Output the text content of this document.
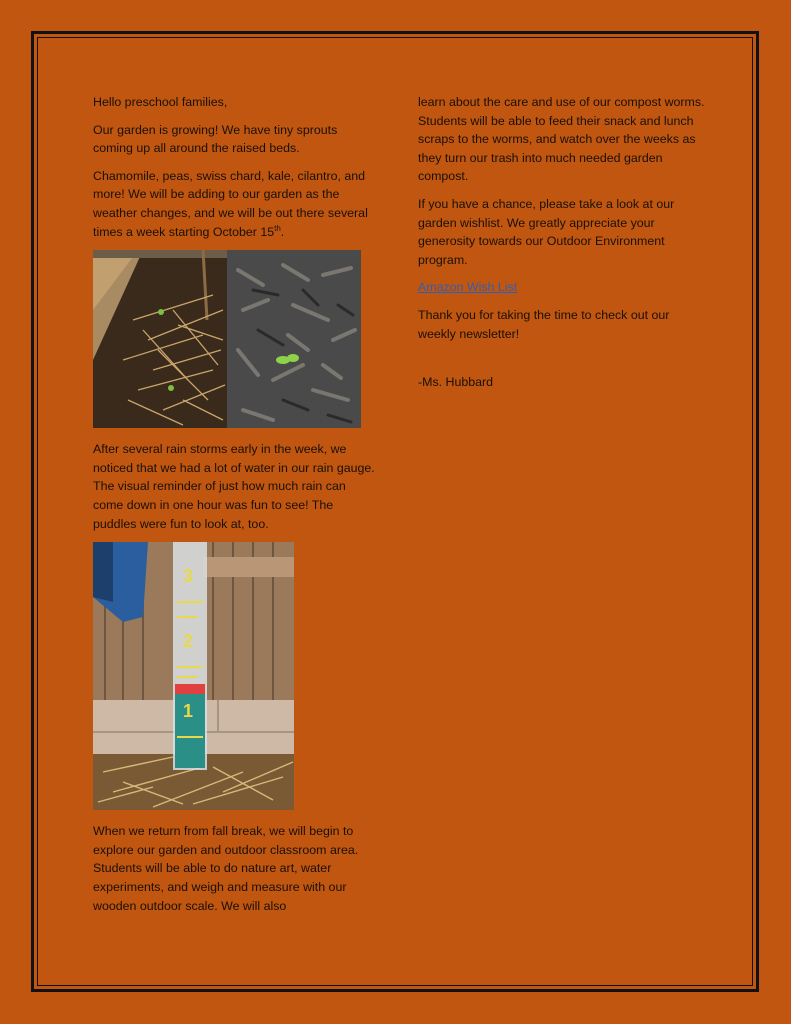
Hello preschool families,

Our garden is growing! We have tiny sprouts coming up all around the raised beds.

Chamomile, peas, swiss chard, kale, cilantro, and more! We will be adding to our garden as the weather changes, and we will be out there several times a week starting October 15th.

After several rain storms early in the week, we noticed that we had a lot of water in our rain gauge. The visual reminder of just how much rain can come down in one hour was fun to see! The puddles were fun to look at, too.

3
2
1

When we return from fall break, we will begin to explore our garden and outdoor classroom area. Students will be able to do nature art, water experiments, and weigh and measure with our wooden outdoor scale. We will also

learn about the care and use of our compost worms. Students will be able to feed their snack and lunch scraps to the worms, and watch over the weeks as they turn our trash into much needed garden compost.

If you have a chance, please take a look at our garden wishlist. We greatly appreciate your generosity towards our Outdoor Environment program.

Amazon Wish List

Thank you for taking the time to check out our weekly newsletter!

-Ms. Hubbard
